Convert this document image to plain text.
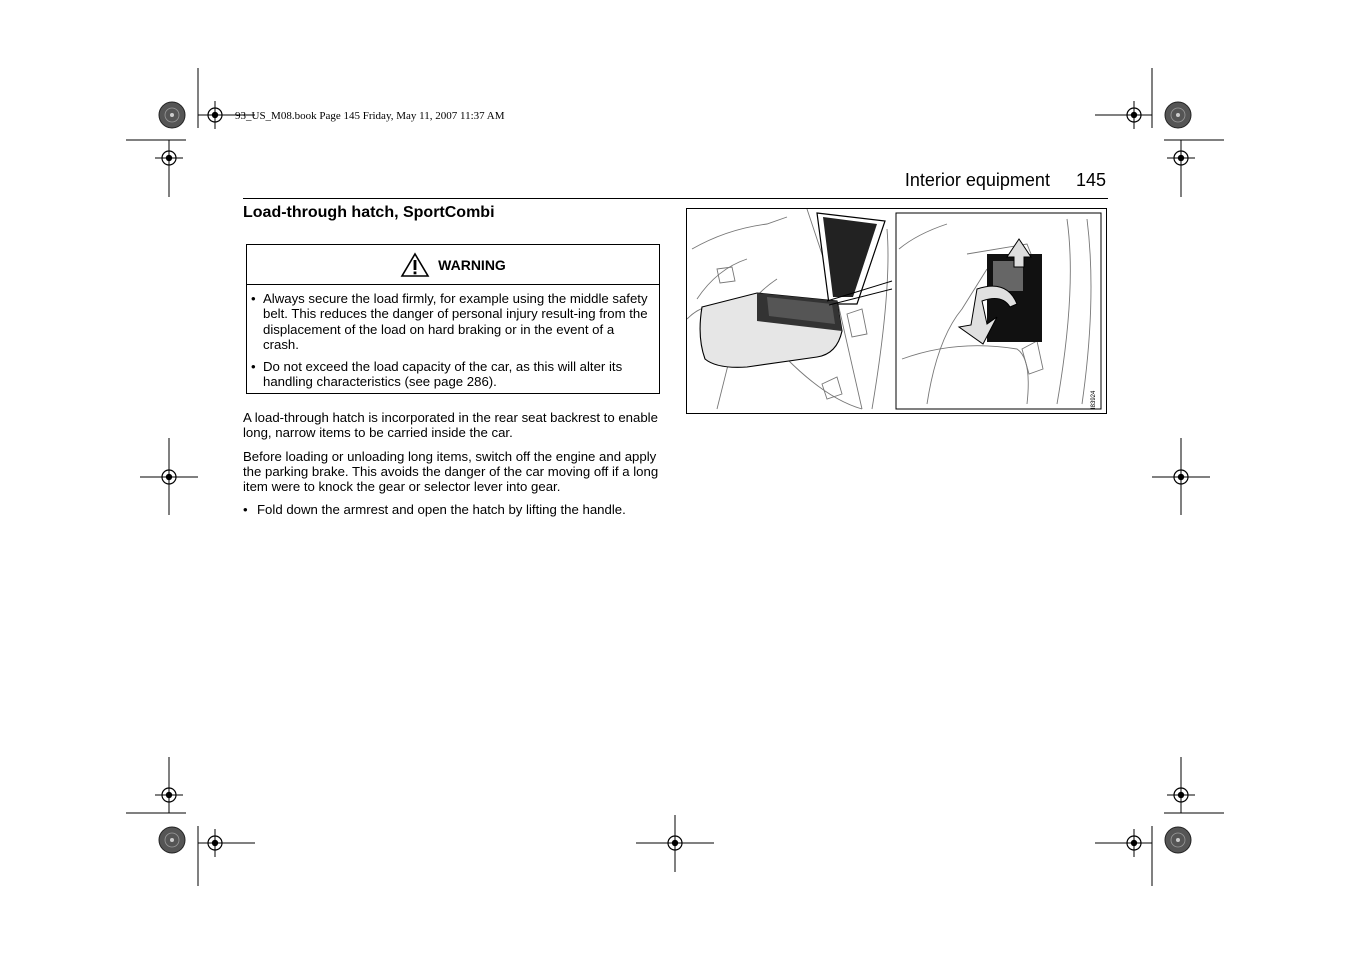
93_US_M08.book Page 145 Friday, May 11, 2007 11:37 AM
Interior equipment 145
Load-through hatch, SportCombi
WARNING
• Always secure the load firmly, for example using the middle safety belt. This reduces the danger of personal injury result-ing from the displacement of the load on hard braking or in the event of a crash.
• Do not exceed the load capacity of the car, as this will alter its handling characteristics (see page 286).

A load-through hatch is incorporated in the rear seat backrest to enable long, narrow items to be carried inside the car.

Before loading or unloading long items, switch off the engine and apply the parking brake. This avoids the danger of the car moving off if a long item were to knock the gear or selector lever into gear.

• Fold down the armrest and open the hatch by lifting the handle.
I83924
